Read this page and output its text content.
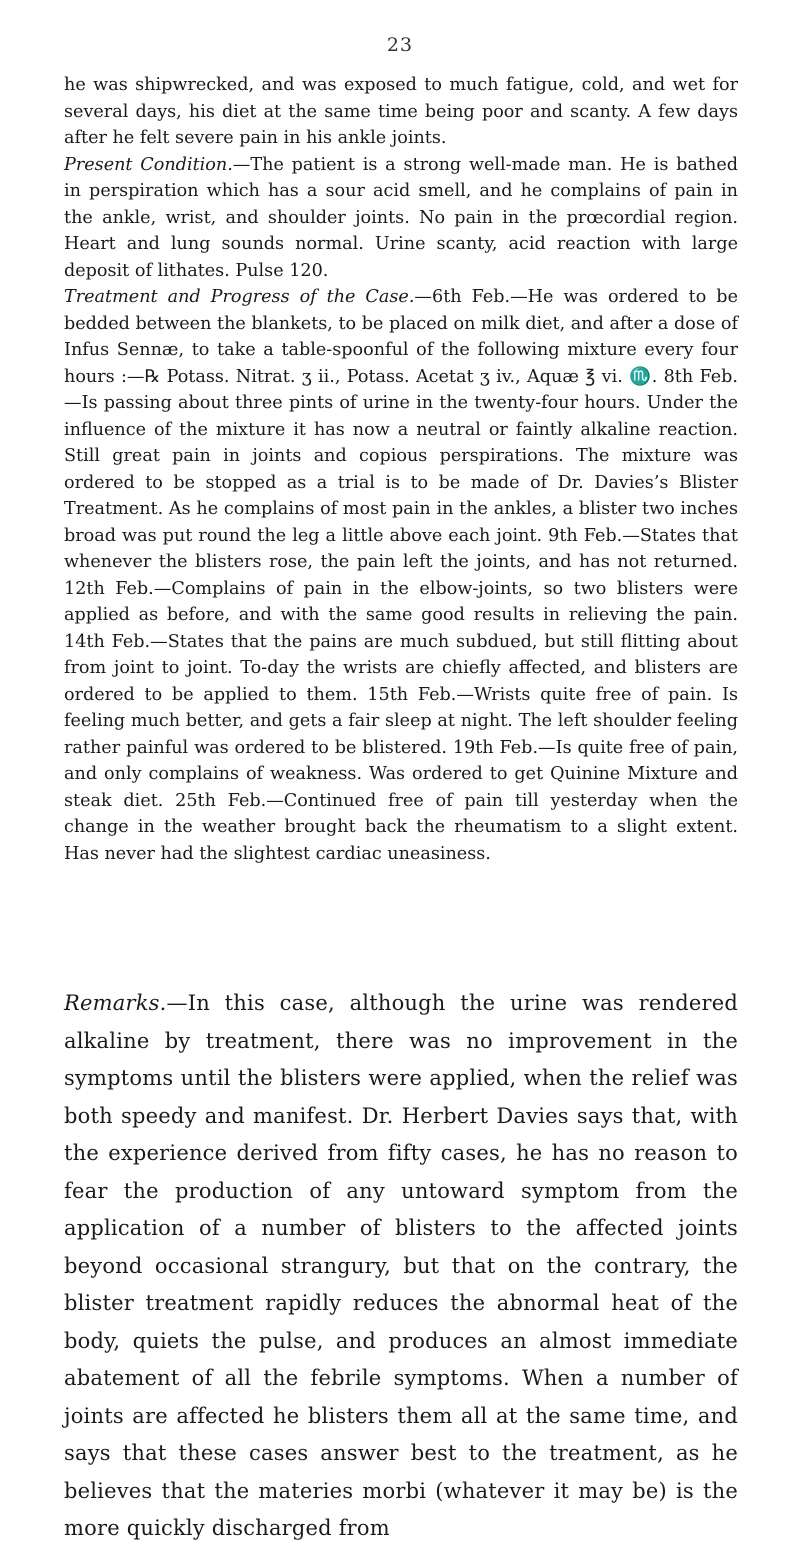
23

he was shipwrecked, and was exposed to much fatigue, cold, and wet for several days, his diet at the same time being poor and scanty. A few days after he felt severe pain in his ankle joints.

Present Condition.—The patient is a strong well-made man. He is bathed in perspiration which has a sour acid smell, and he complains of pain in the ankle, wrist, and shoulder joints. No pain in the prœcordial region. Heart and lung sounds normal. Urine scanty, acid reaction with large deposit of lithates. Pulse 120.

Treatment and Progress of the Case.—6th Feb.—He was ordered to be bedded between the blankets, to be placed on milk diet, and after a dose of Infus Sennæ, to take a table-spoonful of the following mixture every four hours :—℞ Potass. Nitrat. ʒ ii., Potass. Acetat ʒ iv., Aquæ ℥ vi. ♏. 8th Feb.—Is passing about three pints of urine in the twenty-four hours. Under the influence of the mixture it has now a neutral or faintly alkaline reaction. Still great pain in joints and copious perspirations. The mixture was ordered to be stopped as a trial is to be made of Dr. Davies’s Blister Treatment. As he complains of most pain in the ankles, a blister two inches broad was put round the leg a little above each joint. 9th Feb.—States that whenever the blisters rose, the pain left the joints, and has not returned. 12th Feb.—Complains of pain in the elbow-joints, so two blisters were applied as before, and with the same good results in relieving the pain. 14th Feb.—States that the pains are much subdued, but still flitting about from joint to joint. To-day the wrists are chiefly affected, and blisters are ordered to be applied to them. 15th Feb.—Wrists quite free of pain. Is feeling much better, and gets a fair sleep at night. The left shoulder feeling rather painful was ordered to be blistered. 19th Feb.—Is quite free of pain, and only complains of weakness. Was ordered to get Quinine Mixture and steak diet. 25th Feb.—Continued free of pain till yesterday when the change in the weather brought back the rheumatism to a slight extent. Has never had the slightest cardiac uneasiness.

Remarks.—In this case, although the urine was rendered alkaline by treatment, there was no improvement in the symptoms until the blisters were applied, when the relief was both speedy and manifest. Dr. Herbert Davies says that, with the experience derived from fifty cases, he has no reason to fear the production of any untoward symptom from the application of a number of blisters to the affected joints beyond occasional strangury, but that on the contrary, the blister treatment rapidly reduces the abnormal heat of the body, quiets the pulse, and produces an almost immediate abatement of all the febrile symptoms. When a number of joints are affected he blisters them all at the same time, and says that these cases answer best to the treatment, as he believes that the materies morbi (whatever it may be) is the more quickly discharged from
